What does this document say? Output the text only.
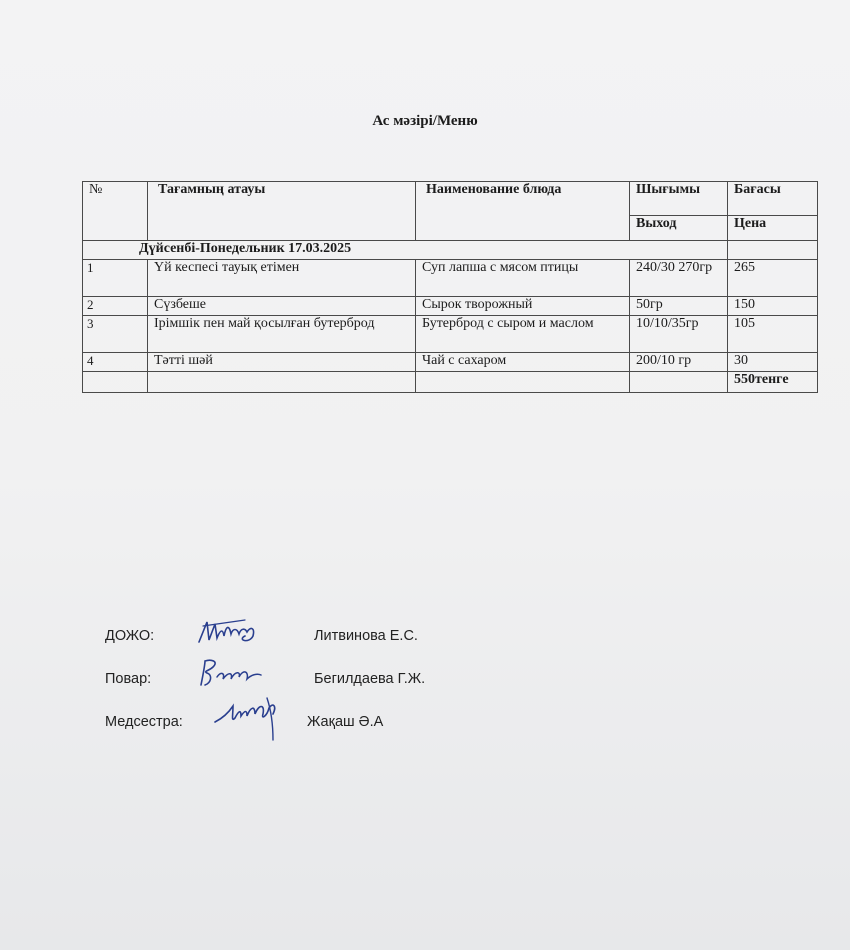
Ас мәзірі/Меню
№	Тағамның атауы	Наименование блюда	Шығымы	Бағасы
			Выход	Цена
Дүйсенбі-Понедельник 17.03.2025				
1	Үй кеспесі тауық етімен	Суп лапша с мясом птицы	240/30 270гр	265
2	Сүзбеше	Сырок творожный	50гр	150
3	Ірімшік пен май қосылған бутерброд	Бутерброд с сыром и маслом	10/10/35гр	105
4	Тәтті шәй	Чай с сахаром	200/10 гр	30
				550тенге
ДОЖО:	Литвинова Е.С.
Повар:	Бегилдаева Г.Ж.
Медсестра:	Жақаш Ә.А
